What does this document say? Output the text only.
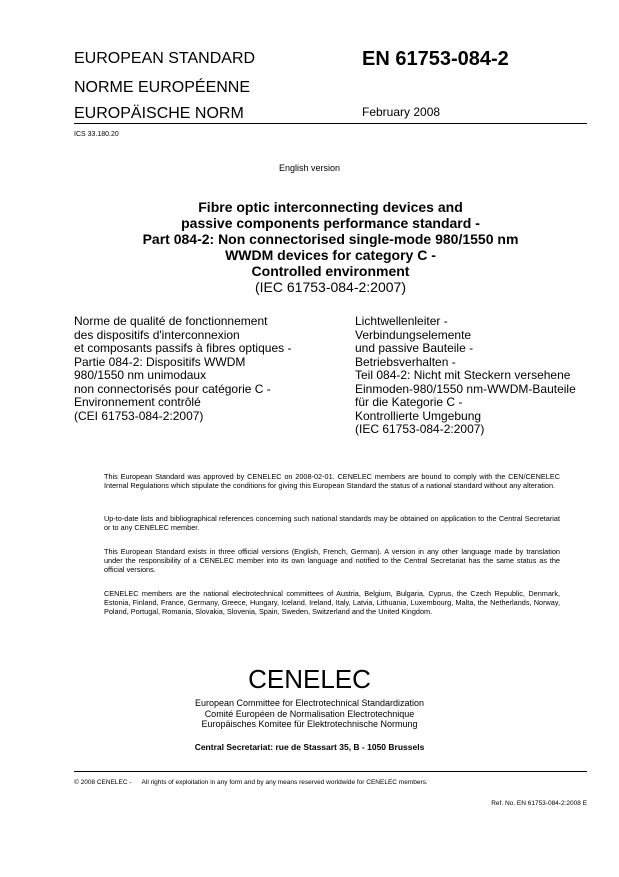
EUROPEAN STANDARD
NORME EUROPÉENNE
EUROPÄISCHE NORM
EN 61753-084-2
February 2008
ICS 33.180.20
English version
Fibre optic interconnecting devices and
passive components performance standard -
Part 084-2: Non connectorised single-mode 980/1550 nm
WWDM devices for category C -
Controlled environment
(IEC 61753-084-2:2007)
Norme de qualité de fonctionnement
des dispositifs d'interconnexion
et composants passifs à fibres optiques -
Partie 084-2: Dispositifs WWDM
980/1550 nm unimodaux
non connectorisés pour catégorie C -
Environnement contrôlé
(CEI 61753-084-2:2007)
Lichtwellenleiter -
Verbindungselemente
und passive Bauteile -
Betriebsverhalten -
Teil 084-2: Nicht mit Steckern versehene
Einmoden-980/1550 nm-WWDM-Bauteile
für die Kategorie C -
Kontrollierte Umgebung
(IEC 61753-084-2:2007)
This European Standard was approved by CENELEC on 2008-02-01. CENELEC members are bound to comply with the CEN/CENELEC Internal Regulations which stipulate the conditions for giving this European Standard the status of a national standard without any alteration.
Up-to-date lists and bibliographical references concerning such national standards may be obtained on application to the Central Secretariat or to any CENELEC member.
This European Standard exists in three official versions (English, French, German). A version in any other language made by translation under the responsibility of a CENELEC member into its own language and notified to the Central Secretariat has the same status as the official versions.
CENELEC members are the national electrotechnical committees of Austria, Belgium, Bulgaria, Cyprus, the Czech Republic, Denmark, Estonia, Finland, France, Germany, Greece, Hungary, Iceland, Ireland, Italy, Latvia, Lithuania, Luxembourg, Malta, the Netherlands, Norway, Poland, Portugal, Romania, Slovakia, Slovenia, Spain, Sweden, Switzerland and the United Kingdom.
CENELEC
European Committee for Electrotechnical Standardization
Comité Européen de Normalisation Electrotechnique
Europäisches Komitee für Elektrotechnische Normung
Central Secretariat: rue de Stassart 35, B - 1050 Brussels
© 2008 CENELEC - All rights of exploitation in any form and by any means reserved worldwide for CENELEC members.
Ref. No. EN 61753-084-2:2008 E
